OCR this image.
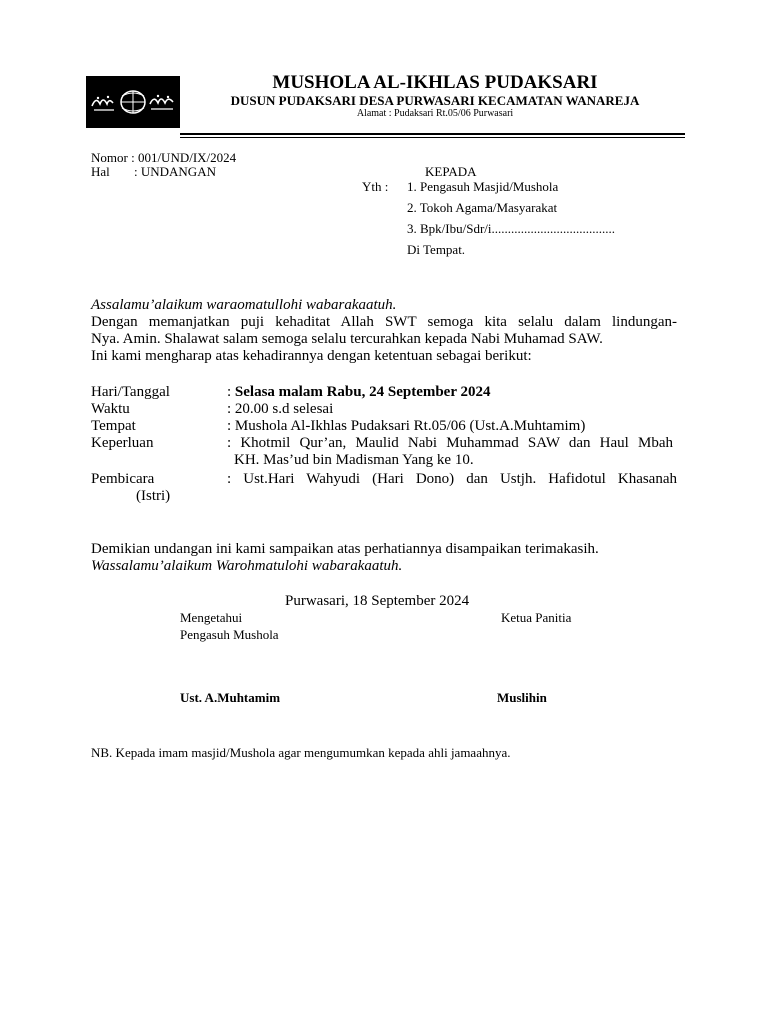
MUSHOLA AL-IKHLAS PUDAKSARI
DUSUN PUDAKSARI DESA PURWASARI KECAMATAN WANAREJA
Alamat : Pudaksari Rt.05/06 Purwasari
Nomor : 001/UND/IX/2024
Hal : UNDANGAN	KEPADA
Yth : 1. Pengasuh Masjid/Mushola
2. Tokoh Agama/Masyarakat
3. Bpk/Ibu/Sdr/i......................................
Di Tempat.
Assalamu’alaikum waraomatullohi wabarakaatuh.
Dengan memanjatkan puji kehaditat Allah SWT semoga kita selalu dalam lindungan-
Nya. Amin. Shalawat salam semoga selalu tercurahkan kepada Nabi Muhamad SAW.
Ini kami mengharap atas kehadirannya dengan ketentuan sebagai berikut:
Hari/Tanggal	: Selasa malam Rabu, 24 September 2024
Waktu	: 20.00 s.d selesai
Tempat	: Mushola Al-Ikhlas Pudaksari Rt.05/06 (Ust.A.Muhtamim)
Keperluan	: Khotmil Qur’an, Maulid Nabi Muhammad SAW dan Haul Mbah
KH. Mas’ud bin Madisman Yang ke 10.
Pembicara	: Ust.Hari Wahyudi (Hari Dono) dan Ustjh. Hafidotul Khasanah
(Istri)
Demikian undangan ini kami sampaikan atas perhatiannya disampaikan terimakasih.
Wassalamu’alaikum Warohmatulohi wabarakaatuh.
Purwasari, 18 September 2024
Mengetahui
Pengasuh Mushola
Ketua Panitia
Ust. A.Muhtamim	Muslihin
NB. Kepada imam masjid/Mushola agar mengumumkan kepada ahli jamaahnya.
